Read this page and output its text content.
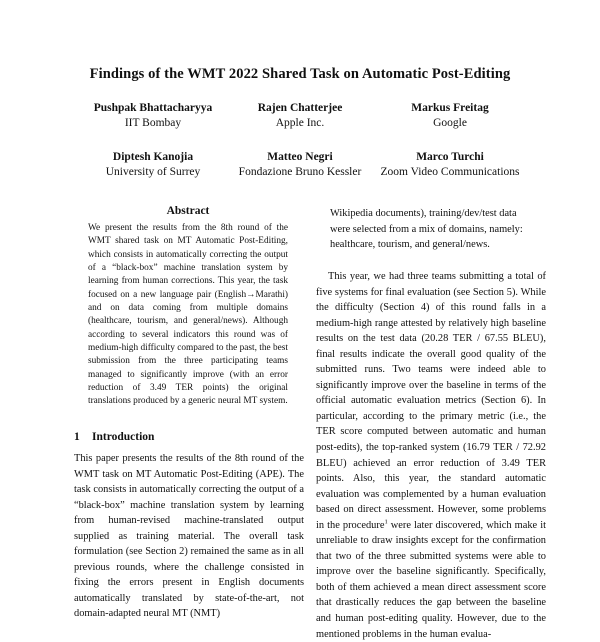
Findings of the WMT 2022 Shared Task on Automatic Post-Editing
Pushpak Bhattacharyya
IIT Bombay
Rajen Chatterjee
Apple Inc.
Markus Freitag
Google
Diptesh Kanojia
University of Surrey
Matteo Negri
Fondazione Bruno Kessler
Marco Turchi
Zoom Video Communications
Abstract

We present the results from the 8th round of the WMT shared task on MT Automatic Post-Editing, which consists in automatically correcting the output of a “black-box” machine translation system by learning from human corrections. This year, the task focused on a new language pair (English→Marathi) and on data coming from multiple domains (healthcare, tourism, and general/news). Although according to several indicators this round was of medium-high difficulty compared to the past, the best submission from the three participating teams managed to significantly improve (with an error reduction of 3.49 TER points) the original translations produced by a generic neural MT system.

1 Introduction

This paper presents the results of the 8th round of the WMT task on MT Automatic Post-Editing (APE). The task consists in automatically correcting the output of a “black-box” machine translation system by learning from human-revised machine-translated output supplied as training material. The overall task formulation (see Section 2) remained the same as in all previous rounds, where the challenge consisted in fixing the errors present in English documents automatically translated by state-of-the-art, not domain-adapted neural MT (NMT)

Wikipedia documents), training/dev/test data were selected from a mix of domains, namely: healthcare, tourism, and general/news.

This year, we had three teams submitting a total of five systems for final evaluation (see Section 5). While the difficulty (Section 4) of this round falls in a medium-high range attested by relatively high baseline results on the test data (20.28 TER / 67.55 BLEU), final results indicate the overall good quality of the submitted runs. Two teams were indeed able to significantly improve over the baseline in terms of the official automatic evaluation metrics (Section 6). In particular, according to the primary metric (i.e., the TER score computed between automatic and human post-edits), the top-ranked system (16.79 TER / 72.92 BLEU) achieved an error reduction of 3.49 TER points. Also, this year, the standard automatic evaluation was complemented by a human evaluation based on direct assessment. However, some problems in the procedure$^1$ were later discovered, which make it unreliable to draw insights except for the confirmation that two of the three submitted systems were able to improve over the baseline significantly. Specifically, both of them achieved a mean direct assessment score that drastically reduces the gap between the baseline and human post-editing quality. However, due to the mentioned problems in the human evalua-
